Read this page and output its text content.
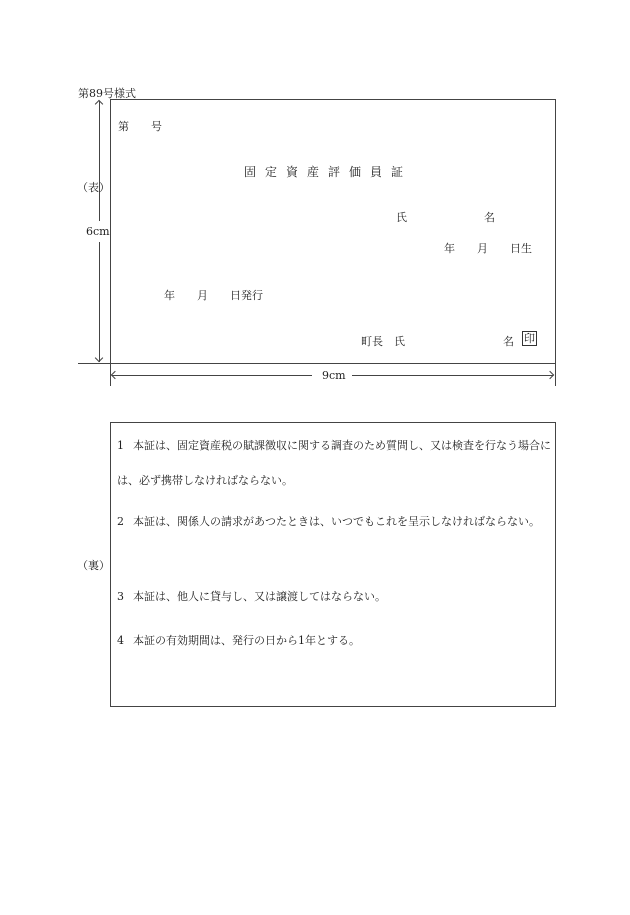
第89号様式
6cm
（表）
第　　号
固定資産評価員証
氏　　　　　　　名
年　　月　　日生
年　　月　　日発行
町長　氏	名 印
9cm
（裏）
1 本証は、固定資産税の賦課徴収に関する調査のため質問し、又は検査を行なう場合には、必ず携帯しなければならない。
2 本証は、関係人の請求があつたときは、いつでもこれを呈示しなければならない。
3 本証は、他人に貸与し、又は譲渡してはならない。
4 本証の有効期間は、発行の日から1年とする。
